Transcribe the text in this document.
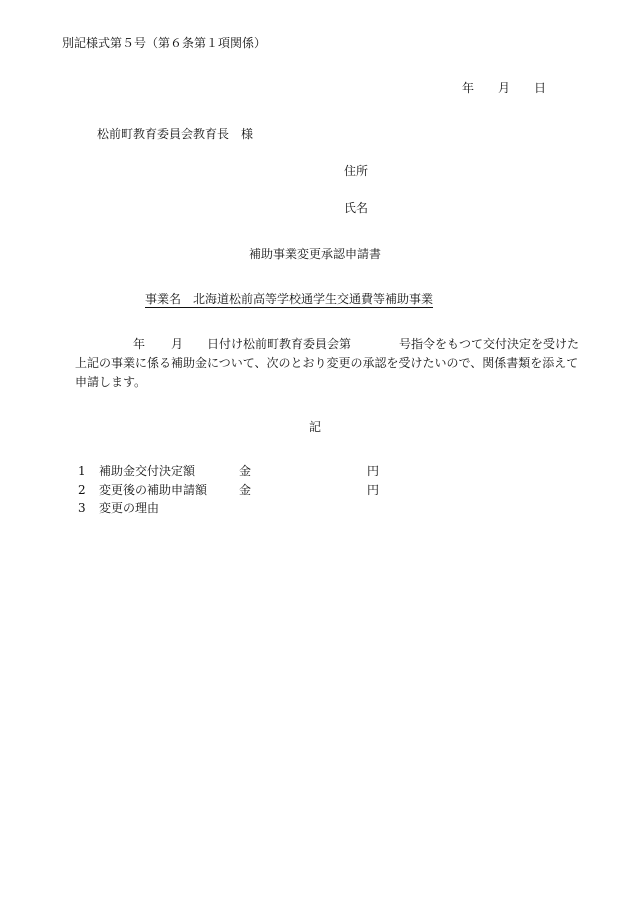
別記様式第５号（第６条第１項関係）
年 月 日
松前町教育委員会教育長　様
住所
氏名
補助事業変更承認申請書
事業名　北海道松前高等学校通学生交通費等補助事業
年 月 日付け松前町教育委員会第	号指令をもつて交付決定を受けた
上記の事業に係る補助金について、次のとおり変更の承認を受けたいので、関係書類を添えて
申請します。
記
1 補助金交付決定額	金	円
2 変更後の補助申請額	金	円
3 変更の理由
